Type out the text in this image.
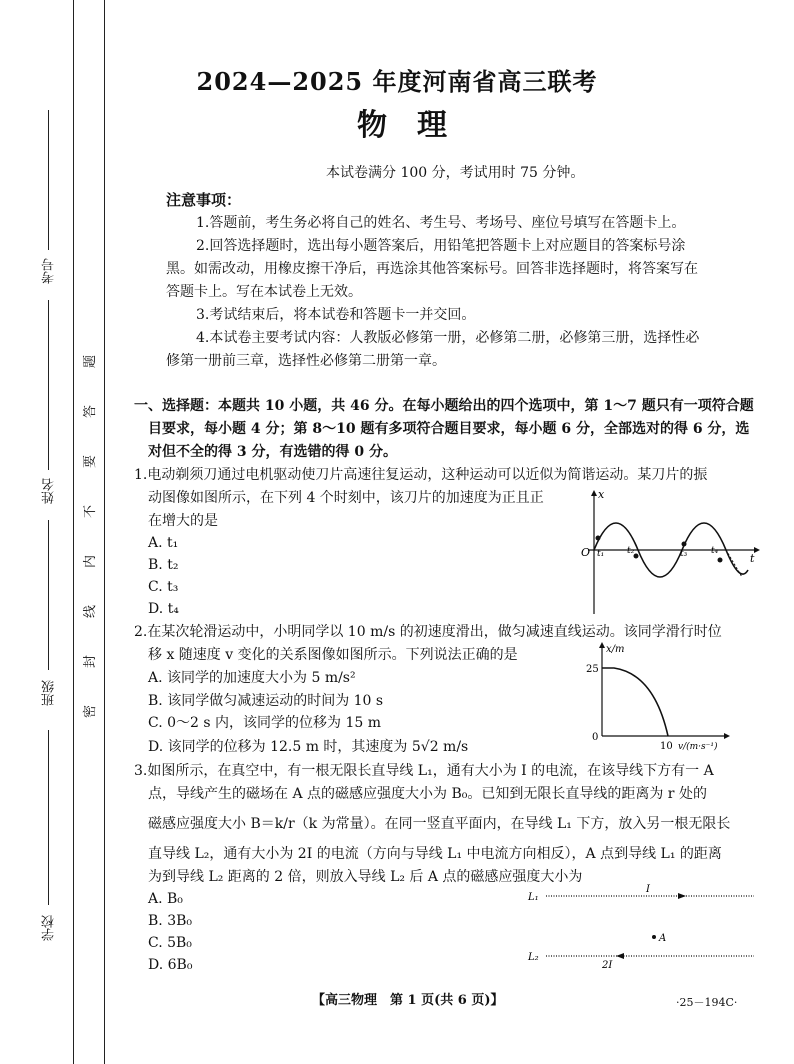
考号
姓名
班级
学校
题
答
要
不
内
线
封
密
2024—2025 年度河南省高三联考
物理
本试卷满分 100 分，考试用时 75 分钟。
注意事项：
1.答题前，考生务必将自己的姓名、考生号、考场号、座位号填写在答题卡上。
2.回答选择题时，选出每小题答案后，用铅笔把答题卡上对应题目的答案标号涂
黑。如需改动，用橡皮擦干净后，再选涂其他答案标号。回答非选择题时，将答案写在
答题卡上。写在本试卷上无效。
3.考试结束后，将本试卷和答题卡一并交回。
4.本试卷主要考试内容：人教版必修第一册，必修第二册，必修第三册，选择性必
修第一册前三章，选择性必修第二册第一章。
一、选择题：本题共 10 小题，共 46 分。在每小题给出的四个选项中，第 1～7 题只有一项符合题
目要求，每小题 4 分；第 8～10 题有多项符合题目要求，每小题 6 分，全部选对的得 6 分，选
对但不全的得 3 分，有选错的得 0 分。
1.电动剃须刀通过电机驱动使刀片高速往复运动，这种运动可以近似为简谐运动。某刀片的振
动图像如图所示，在下列 4 个时刻中，该刀片的加速度为正且正
在增大的是
A. t₁
B. t₂
C. t₃
D. t₄
x
t
O t₁	t₂	t₃	t₄
2.在某次轮滑运动中，小明同学以 10 m/s 的初速度滑出，做匀减速直线运动。该同学滑行时位
移 x 随速度 v 变化的关系图像如图所示。下列说法正确的是
A. 该同学的加速度大小为 5 m/s²
B. 该同学做匀减速运动的时间为 10 s
C. 0～2 s 内，该同学的位移为 15 m
D. 该同学的位移为 12.5 m 时，其速度为 5√2 m/s
x/m
25
0
10 v/(m·s⁻¹)
3.如图所示，在真空中，有一根无限长直导线 L₁，通有大小为 I 的电流，在该导线下方有一 A
点，导线产生的磁场在 A 点的磁感应强度大小为 B₀。已知到无限长直导线的距离为 r 处的
磁感应强度大小 B＝k/r（k 为常量）。在同一竖直平面内，在导线 L₁ 下方，放入另一根无限长
直导线 L₂，通有大小为 2I 的电流（方向与导线 L₁ 中电流方向相反），A 点到导线 L₁ 的距离
为到导线 L₂ 距离的 2 倍，则放入导线 L₂ 后 A 点的磁感应强度大小为
A. B₀
B. 3B₀
C. 5B₀
D. 6B₀
L₁
L₂
I
2I
A
【高三物理　第 1 页(共 6 页)】	·25－194C·
